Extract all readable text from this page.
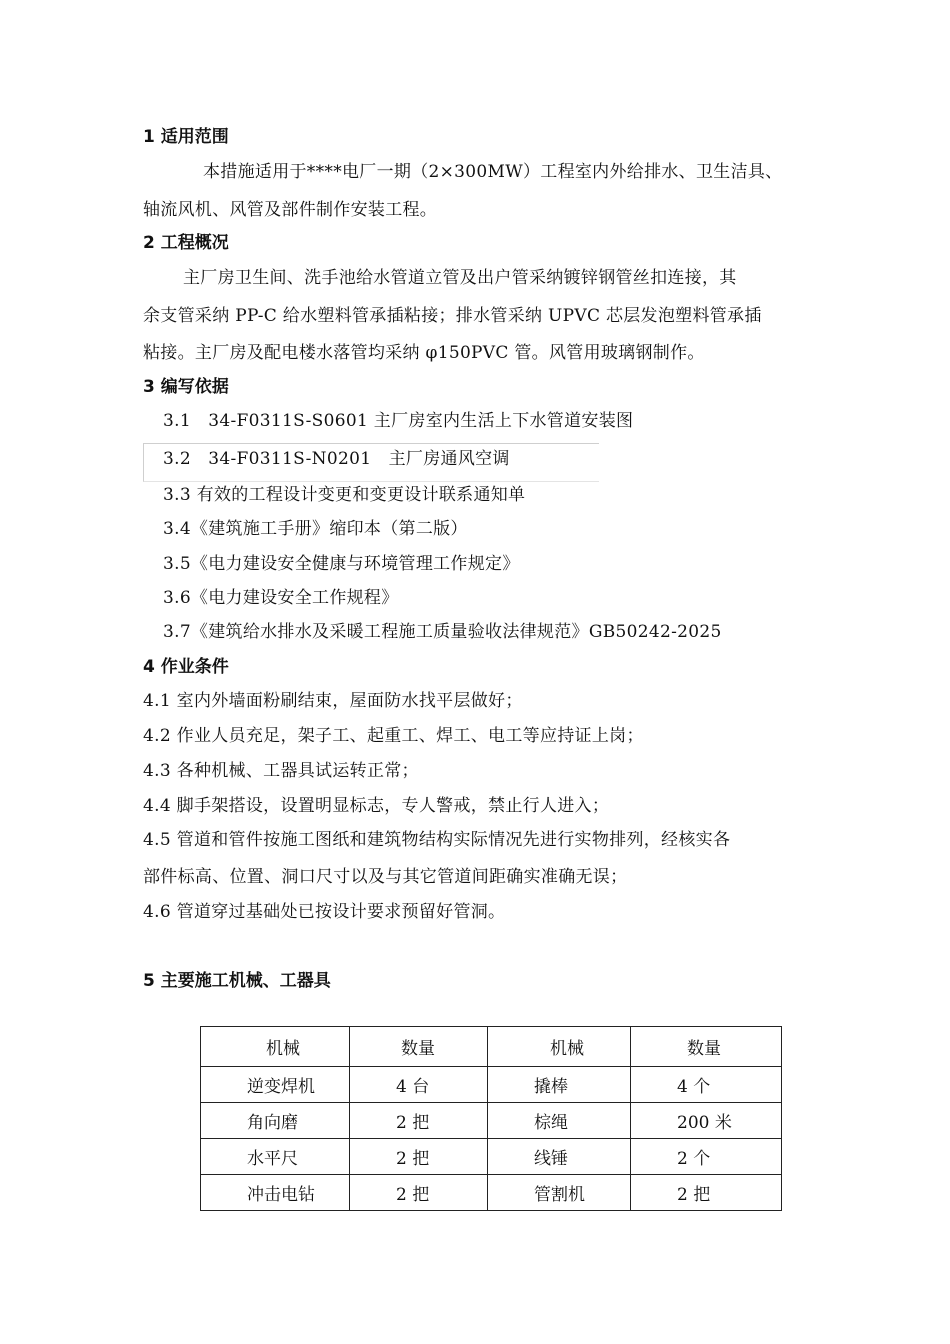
1 适用范围
本措施适用于****电厂一期（2×300MW）工程室内外给排水、卫生洁具、
轴流风机、风管及部件制作安装工程。
2 工程概况
主厂房卫生间、洗手池给水管道立管及出户管采纳镀锌钢管丝扣连接，其
余支管采纳 PP-C 给水塑料管承插粘接；排水管采纳 UPVC 芯层发泡塑料管承插
粘接。主厂房及配电楼水落管均采纳 φ150PVC 管。风管用玻璃钢制作。
3 编写依据
3.1　34-F0311S-S0601 主厂房室内生活上下水管道安装图
3.2　34-F0311S-N0201　主厂房通风空调
3.3 有效的工程设计变更和变更设计联系通知单
3.4《建筑施工手册》缩印本（第二版）
3.5《电力建设安全健康与环境管理工作规定》
3.6《电力建设安全工作规程》
3.7《建筑给水排水及采暖工程施工质量验收法律规范》GB50242-2025
4 作业条件
4.1 室内外墙面粉刷结束，屋面防水找平层做好；
4.2 作业人员充足，架子工、起重工、焊工、电工等应持证上岗；
4.3 各种机械、工器具试运转正常；
4.4 脚手架搭设，设置明显标志，专人警戒，禁止行人进入；
4.5 管道和管件按施工图纸和建筑物结构实际情况先进行实物排列，经核实各
部件标高、位置、洞口尺寸以及与其它管道间距确实准确无误；
4.6 管道穿过基础处已按设计要求预留好管洞。
5 主要施工机械、工器具
机械	数量	机械	数量
逆变焊机	4 台	撬棒	4 个
角向磨	2 把	棕绳	200 米
水平尺	2 把	线锤	2 个
冲击电钻	2 把	管割机	2 把
